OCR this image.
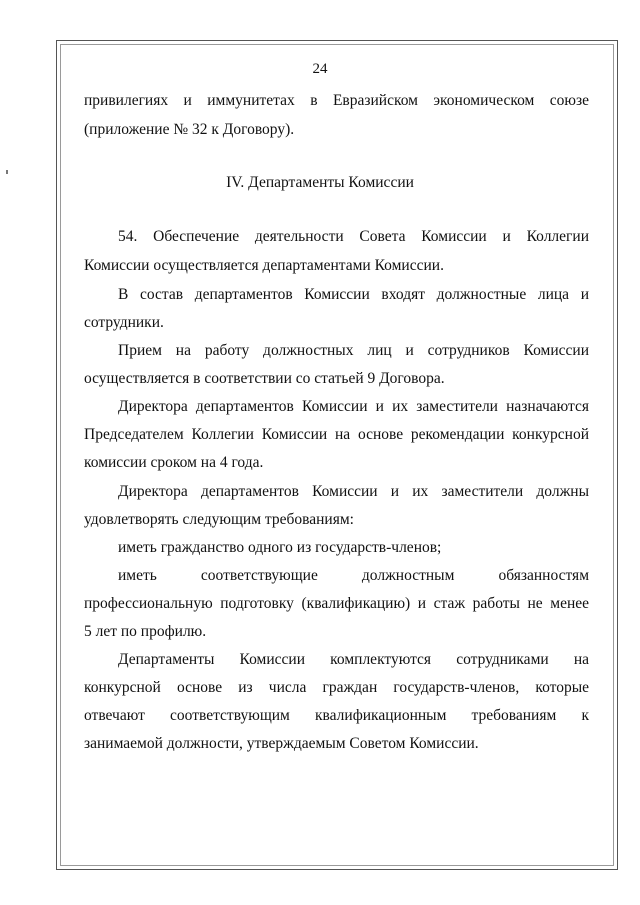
24
привилегиях и иммунитетах в Евразийском экономическом союзе
(приложение № 32 к Договору).
IV. Департаменты Комиссии
54. Обеспечение деятельности Совета Комиссии и Коллегии
Комиссии осуществляется департаментами Комиссии.
В состав департаментов Комиссии входят должностные лица и
сотрудники.
Прием на работу должностных лиц и сотрудников Комиссии
осуществляется в соответствии со статьей 9 Договора.
Директора департаментов Комиссии и их заместители назначаются
Председателем Коллегии Комиссии на основе рекомендации конкурсной
комиссии сроком на 4 года.
Директора департаментов Комиссии и их заместители должны
удовлетворять следующим требованиям:
иметь гражданство одного из государств-членов;
иметь соответствующие должностным обязанностям
профессиональную подготовку (квалификацию) и стаж работы не менее
5 лет по профилю.
Департаменты Комиссии комплектуются сотрудниками на
конкурсной основе из числа граждан государств-членов, которые
отвечают соответствующим квалификационным требованиям к
занимаемой должности, утверждаемым Советом Комиссии.
